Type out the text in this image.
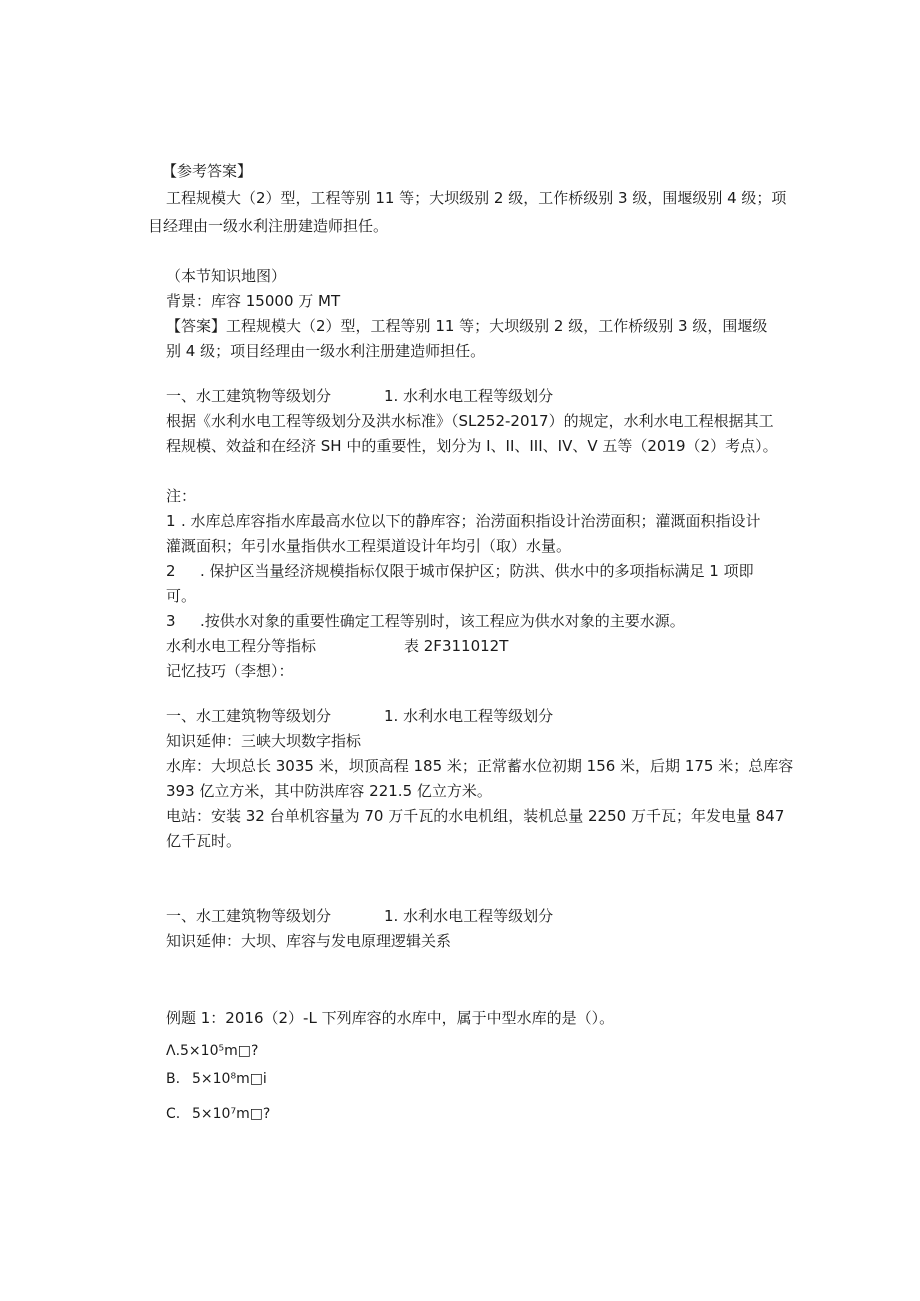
【参考答案】
工程规模大（2）型，工程等别 11 等；大坝级别 2 级，工作桥级别 3 级，围堰级别 4 级；项
目经理由一级水利注册建造师担任。
（本节知识地图）
背景：库容 15000 万 MT
【答案】工程规模大（2）型，工程等别 11 等；大坝级别 2 级，工作桥级别 3 级，围堰级
别 4 级；项目经理由一级水利注册建造师担任。
一、水工建筑物等级划分	1. 水利水电工程等级划分
根据《水利水电工程等级划分及洪水标准》（SL252-2017）的规定，水利水电工程根据其工
程规模、效益和在经济 SH 中的重要性，划分为 I、II、III、IV、V 五等（2019（2）考点）。
注：
1 . 水库总库容指水库最高水位以下的静库容；治涝面积指设计治涝面积；灌溉面积指设计
灌溉面积；年引水量指供水工程渠道设计年均引（取）水量。
2 . 保护区当量经济规模指标仅限于城市保护区；防洪、供水中的多项指标满足 1 项即
可。
3 .按供水对象的重要性确定工程等别时，该工程应为供水对象的主要水源。
水利水电工程分等指标	表 2F311012T
记忆技巧（李想）：
一、水工建筑物等级划分	1. 水利水电工程等级划分
知识延伸：三峡大坝数字指标
水库：大坝总长 3035 米，坝顶高程 185 米；正常蓄水位初期 156 米，后期 175 米；总库容
393 亿立方米，其中防洪库容 221.5 亿立方米。
电站：安装 32 台单机容量为 70 万千瓦的水电机组，装机总量 2250 万千瓦；年发电量 847
亿千瓦时。
一、水工建筑物等级划分	1. 水利水电工程等级划分
知识延伸：大坝、库容与发电原理逻辑关系
例题 1：2016（2）-L 下列库容的水库中，属于中型水库的是（）。
Λ.5×10⁵m□?
B. 5×10⁸m□i
C. 5×10⁷m□?
